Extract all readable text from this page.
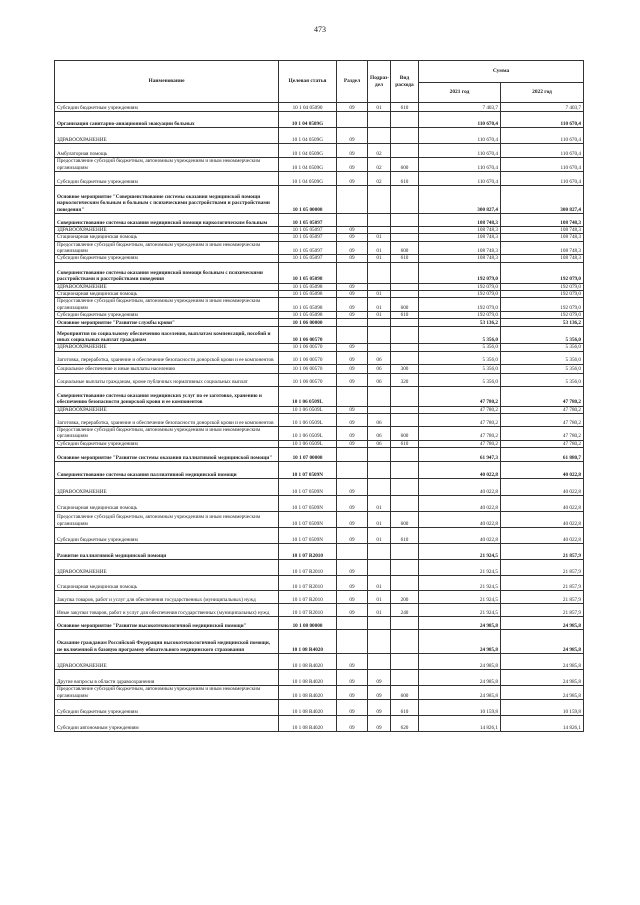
473
Наименование	Целевая статья	Раздел	Подраз-дел	Вид расхода	Сумма	
					2021 год	2022 год
Субсидии бюджетным учреждениям	10 1 04 05090	09	01	610	7 403,7	7 403,7
Организация санитарно-авиационной эвакуации больных	10 1 04 0509G				110 670,4	110 670,4
ЗДРАВООХРАНЕНИЕ	10 1 04 0509G	09			110 670,4	110 670,4
Амбулаторная помощь	10 1 04 0509G	09	02		110 670,4	110 670,4
Предоставление субсидий бюджетным, автономным учреждениям и иным некоммерческим организациям	10 1 04 0509G	09	02	600	110 670,4	110 670,4
Субсидии бюджетным учреждениям	10 1 04 0509G	09	02	610	110 670,4	110 670,4
Основное мероприятие "Совершенствование системы оказания медицинской помощи наркологическим больным и больным с психическими расстройствами и расстройствами поведения"	10 1 05 00000				300 827,4	300 827,4
Совершенствование системы оказания медицинской помощи наркологическим больным	10 1 05 05097				108 748,3	108 748,3
ЗДРАВООХРАНЕНИЕ	10 1 05 05097	09			108 748,3	108 748,3
Стационарная медицинская помощь	10 1 05 05097	09	01		108 748,3	108 748,3
Предоставление субсидий бюджетным, автономным учреждениям и иным некоммерческим организациям	10 1 05 05097	09	01	600	108 748,3	108 748,3
Субсидии бюджетным учреждениям	10 1 05 05097	09	01	610	108 748,3	108 748,3
Совершенствование системы оказания медицинской помощи больным с психическими расстройствами и расстройствами поведения	10 1 05 05098				192 079,0	192 079,0
ЗДРАВООХРАНЕНИЕ	10 1 05 05098	09			192 079,0	192 079,0
Стационарная медицинская помощь	10 1 05 05098	09	01		192 079,0	192 079,0
Предоставление субсидий бюджетным, автономным учреждениям и иным некоммерческим организациям	10 1 05 05098	09	01	600	192 079,0	192 079,0
Субсидии бюджетным учреждениям	10 1 05 05098	09	01	610	192 079,0	192 079,0
Основное мероприятие "Развитие службы крови"	10 1 06 00000				53 136,2	53 136,2
Мероприятия по социальному обеспечению населения, выплатам компенсаций, пособий и иных социальных выплат гражданам	10 1 06 00570				5 356,0	5 356,0
ЗДРАВООХРАНЕНИЕ	10 1 06 00570	09			5 356,0	5 356,0
Заготовка, переработка, хранение и обеспечение безопасности донорской крови и ее компонентов	10 1 06 00570	09	06		5 356,0	5 356,0
Социальное обеспечение и иные выплаты населению	10 1 06 00570	09	06	300	5 356,0	5 356,0
Социальные выплаты гражданам, кроме публичных нормативных социальных выплат	10 1 06 00570	09	06	320	5 356,0	5 356,0
Совершенствование системы оказания медицинских услуг по ее заготовке, хранению и обеспечению безопасности донорской крови и ее компонентов	10 1 06 0509L				47 780,2	47 780,2
ЗДРАВООХРАНЕНИЕ	10 1 06 0509L	09			47 780,2	47 780,2
Заготовка, переработка, хранение и обеспечение безопасности донорской крови и ее компонентов	10 1 06 0509L	09	06		47 780,2	47 780,2
Предоставление субсидий бюджетным, автономным учреждениям и иным некоммерческим организациям	10 1 06 0509L	09	06	600	47 780,2	47 780,2
Субсидии бюджетным учреждениям	10 1 06 0509L	09	06	610	47 780,2	47 780,2
Основное мероприятие "Развитие системы оказания паллиативной медицинской помощи"	10 1 07 00000				61 947,3	61 880,7
Совершенствование системы оказания паллиативной медицинской помощи	10 1 07 0509N				40 022,8	40 022,8
ЗДРАВООХРАНЕНИЕ	10 1 07 0509N	09			40 022,8	40 022,8
Стационарная медицинская помощь	10 1 07 0509N	09	01		40 022,8	40 022,8
Предоставление субсидий бюджетным, автономным учреждениям и иным некоммерческим организациям	10 1 07 0509N	09	01	600	40 022,8	40 022,8
Субсидии бюджетным учреждениям	10 1 07 0509N	09	01	610	40 022,8	40 022,8
Развитие паллиативной медицинской помощи	10 1 07 R2010				21 924,5	21 857,9
ЗДРАВООХРАНЕНИЕ	10 1 07 R2010	09			21 924,5	21 857,9
Стационарная медицинская помощь	10 1 07 R2010	09	01		21 924,5	21 857,9
Закупка товаров, работ и услуг для обеспечения государственных (муниципальных) нужд	10 1 07 R2010	09	01	200	21 924,5	21 857,9
Иные закупки товаров, работ и услуг для обеспечения государственных (муниципальных) нужд	10 1 07 R2010	09	01	240	21 924,5	21 857,9
Основное мероприятие "Развитие высокотехнологичной медицинской помощи"	10 1 08 00000				24 985,8	24 985,8
Оказание гражданам Российской Федерации высокотехнологичной медицинской помощи, не включенной в базовую программу обязательного медицинского страхования	10 1 08 R4020				24 985,8	24 985,8
ЗДРАВООХРАНЕНИЕ	10 1 08 R4020	09			24 985,8	24 985,8
Другие вопросы в области здравоохранения	10 1 08 R4020	09	09		24 985,8	24 985,8
Предоставление субсидий бюджетным, автономным учреждениям и иным некоммерческим организациям	10 1 08 R4020	09	09	600	24 985,8	24 985,8
Субсидии бюджетным учреждениям	10 1 08 R4020	09	09	610	10 159,8	10 159,8
Субсидии автономным учреждениям	10 1 08 R4020	09	09	620	14 826,1	14 826,1
